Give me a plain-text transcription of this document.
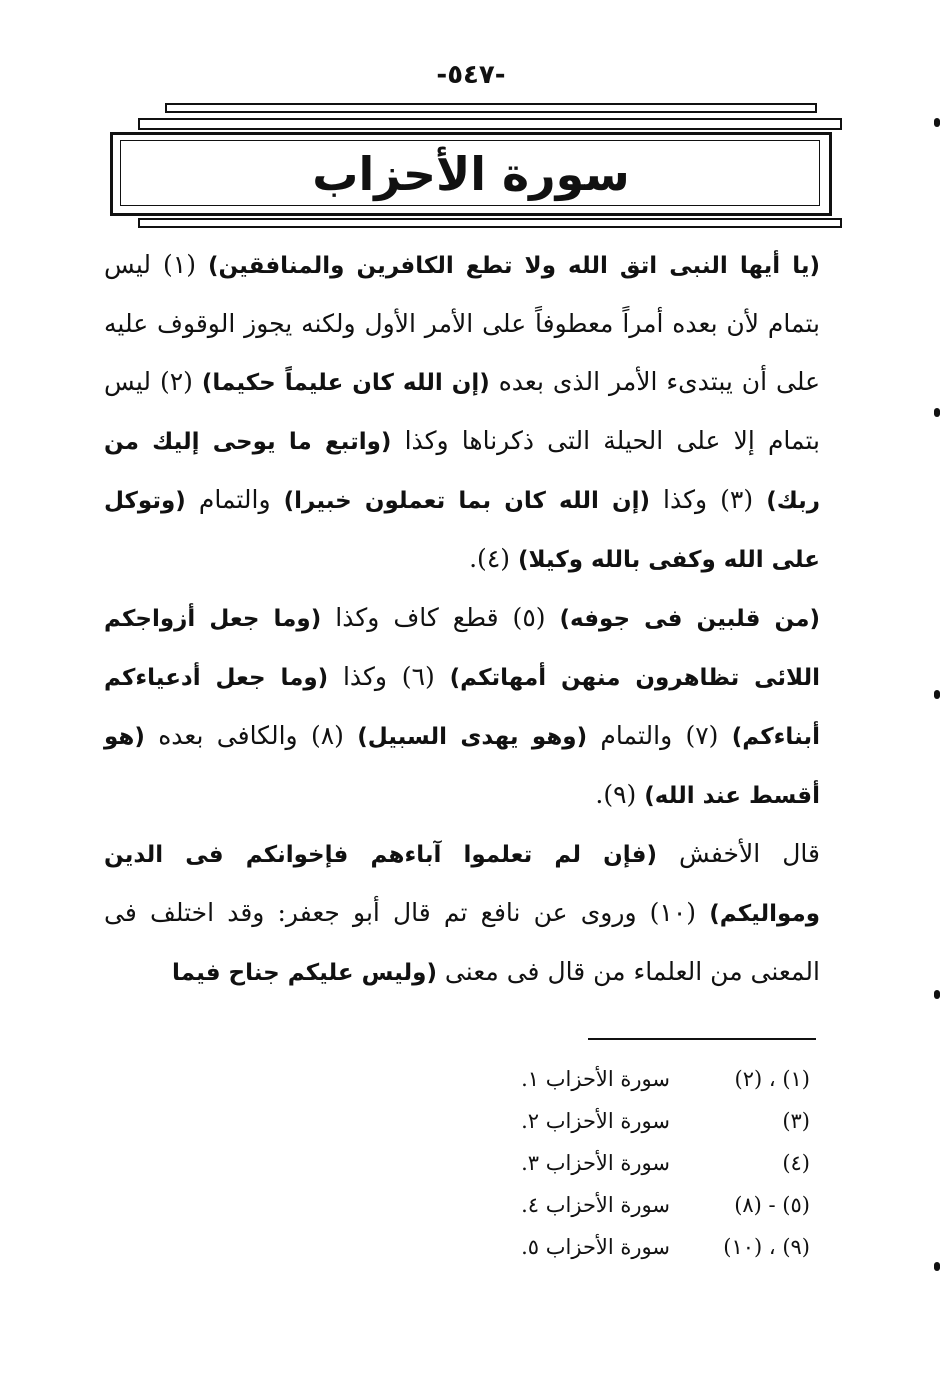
-٥٤٧-
سورة الأحزاب

(يا أيها النبى اتق الله ولا تطع الكافرين والمنافقين) (١) ليس بتمام لأن بعده أمراً معطوفاً على الأمر الأول ولكنه يجوز الوقوف عليه على أن يبتدىء الأمر الذى بعده (إن الله كان عليماً حكيما) (٢) ليس بتمام إلا على الحيلة التى ذكرناها وكذا (واتبع ما يوحى إليك من ربك) (٣) وكذا (إن الله كان بما تعملون خبيرا) والتمام (وتوكل على الله وكفى بالله وكيلا) (٤).

(من قلبين فى جوفه) (٥) قطع كاف وكذا (وما جعل أزواجكم اللائى تظاهرون منهن أمهاتكم) (٦) وكذا (وما جعل أدعياءكم أبناءكم) (٧) والتمام (وهو يهدى السبيل) (٨) والكافى بعده (هو أقسط عند الله) (٩).

قال الأخفش (فإن لم تعلموا آباءهم فإخوانكم فى الدين ومواليكم) (١٠) وروى عن نافع تم قال أبو جعفر: وقد اختلف فى المعنى من العلماء من قال فى معنى (وليس عليكم جناح فيما

(١) ، (٢)
سورة الأحزاب ١.
(٣)
سورة الأحزاب ٢.
(٤)
سورة الأحزاب ٣.
(٥) - (٨)
سورة الأحزاب ٤.
(٩) ، (١٠)
سورة الأحزاب ٥.
